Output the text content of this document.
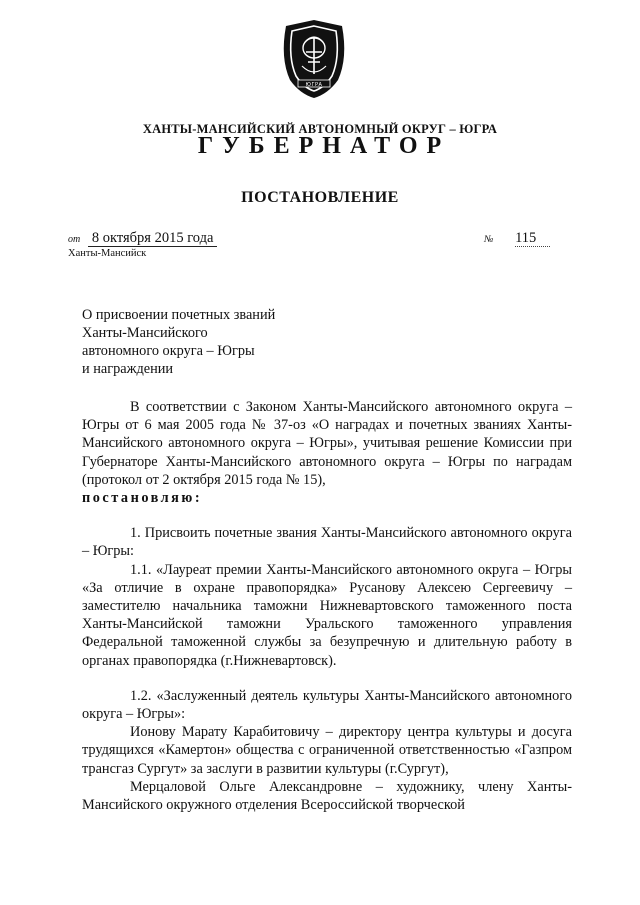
ЮГРА
ХАНТЫ-МАНСИЙСКИЙ АВТОНОМНЫЙ ОКРУГ – ЮГРА
ГУБЕРНАТОР
ПОСТАНОВЛЕНИЕ
от 8 октября 2015 года
Ханты-Мансийск
№ 115
О присвоении почетных званий
Ханты-Мансийского
автономного округа – Югры
и награждении

В соответствии с Законом Ханты-Мансийского автономного округа – Югры от 6 мая 2005 года № 37-оз «О наградах и почетных званиях Ханты-Мансийского автономного округа – Югры», учитывая решение Комиссии при Губернаторе Ханты-Мансийского автономного округа – Югры по наградам (протокол от 2 октября 2015 года № 15),

постановляю:

1. Присвоить почетные звания Ханты-Мансийского автономного округа – Югры:

1.1. «Лауреат премии Ханты-Мансийского автономного округа – Югры «За отличие в охране правопорядка» Русанову Алексею Сергеевичу – заместителю начальника таможни Нижневартовского таможенного поста Ханты-Мансийской таможни Уральского таможенного управления Федеральной таможенной службы за безупречную и длительную работу в органах правопорядка (г.Нижневартовск).

1.2. «Заслуженный деятель культуры Ханты-Мансийского автономного округа – Югры»:

Ионову Марату Карабитовичу – директору центра культуры и досуга трудящихся «Камертон» общества с ограниченной ответственностью «Газпром трансгаз Сургут» за заслуги в развитии культуры (г.Сургут),

Мерцаловой Ольге Александровне – художнику, члену Ханты-Мансийского окружного отделения Всероссийской творческой
